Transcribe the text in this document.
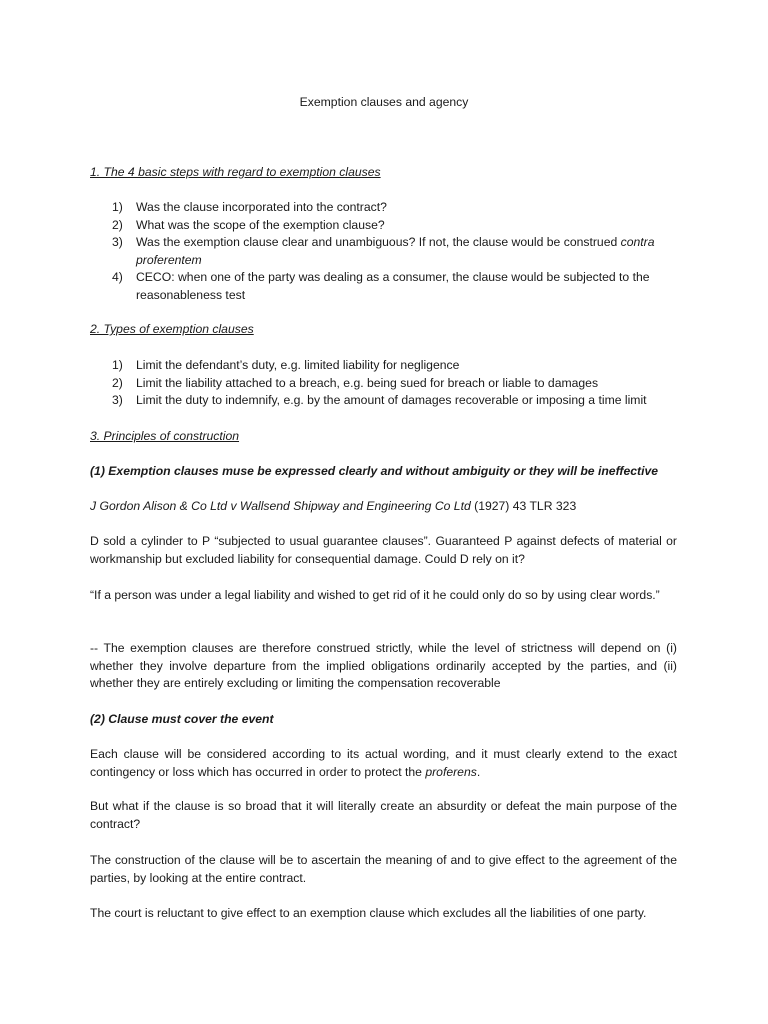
Exemption clauses and agency
1. The 4 basic steps with regard to exemption clauses
1) Was the clause incorporated into the contract?
2) What was the scope of the exemption clause?
3) Was the exemption clause clear and unambiguous? If not, the clause would be construed contra proferentem
4) CECO: when one of the party was dealing as a consumer, the clause would be subjected to the reasonableness test
2. Types of exemption clauses
1) Limit the defendant’s duty, e.g. limited liability for negligence
2) Limit the liability attached to a breach, e.g. being sued for breach or liable to damages
3) Limit the duty to indemnify, e.g. by the amount of damages recoverable or imposing a time limit
3. Principles of construction
(1) Exemption clauses muse be expressed clearly and without ambiguity or they will be ineffective
J Gordon Alison & Co Ltd v Wallsend Shipway and Engineering Co Ltd (1927) 43 TLR 323
D sold a cylinder to P “subjected to usual guarantee clauses”. Guaranteed P against defects of material or workmanship but excluded liability for consequential damage. Could D rely on it?
“If a person was under a legal liability and wished to get rid of it he could only do so by using clear words.”
-- The exemption clauses are therefore construed strictly, while the level of strictness will depend on (i) whether they involve departure from the implied obligations ordinarily accepted by the parties, and (ii) whether they are entirely excluding or limiting the compensation recoverable
(2) Clause must cover the event
Each clause will be considered according to its actual wording, and it must clearly extend to the exact contingency or loss which has occurred in order to protect the proferens.
But what if the clause is so broad that it will literally create an absurdity or defeat the main purpose of the contract?
The construction of the clause will be to ascertain the meaning of and to give effect to the agreement of the parties, by looking at the entire contract.
The court is reluctant to give effect to an exemption clause which excludes all the liabilities of one party.
